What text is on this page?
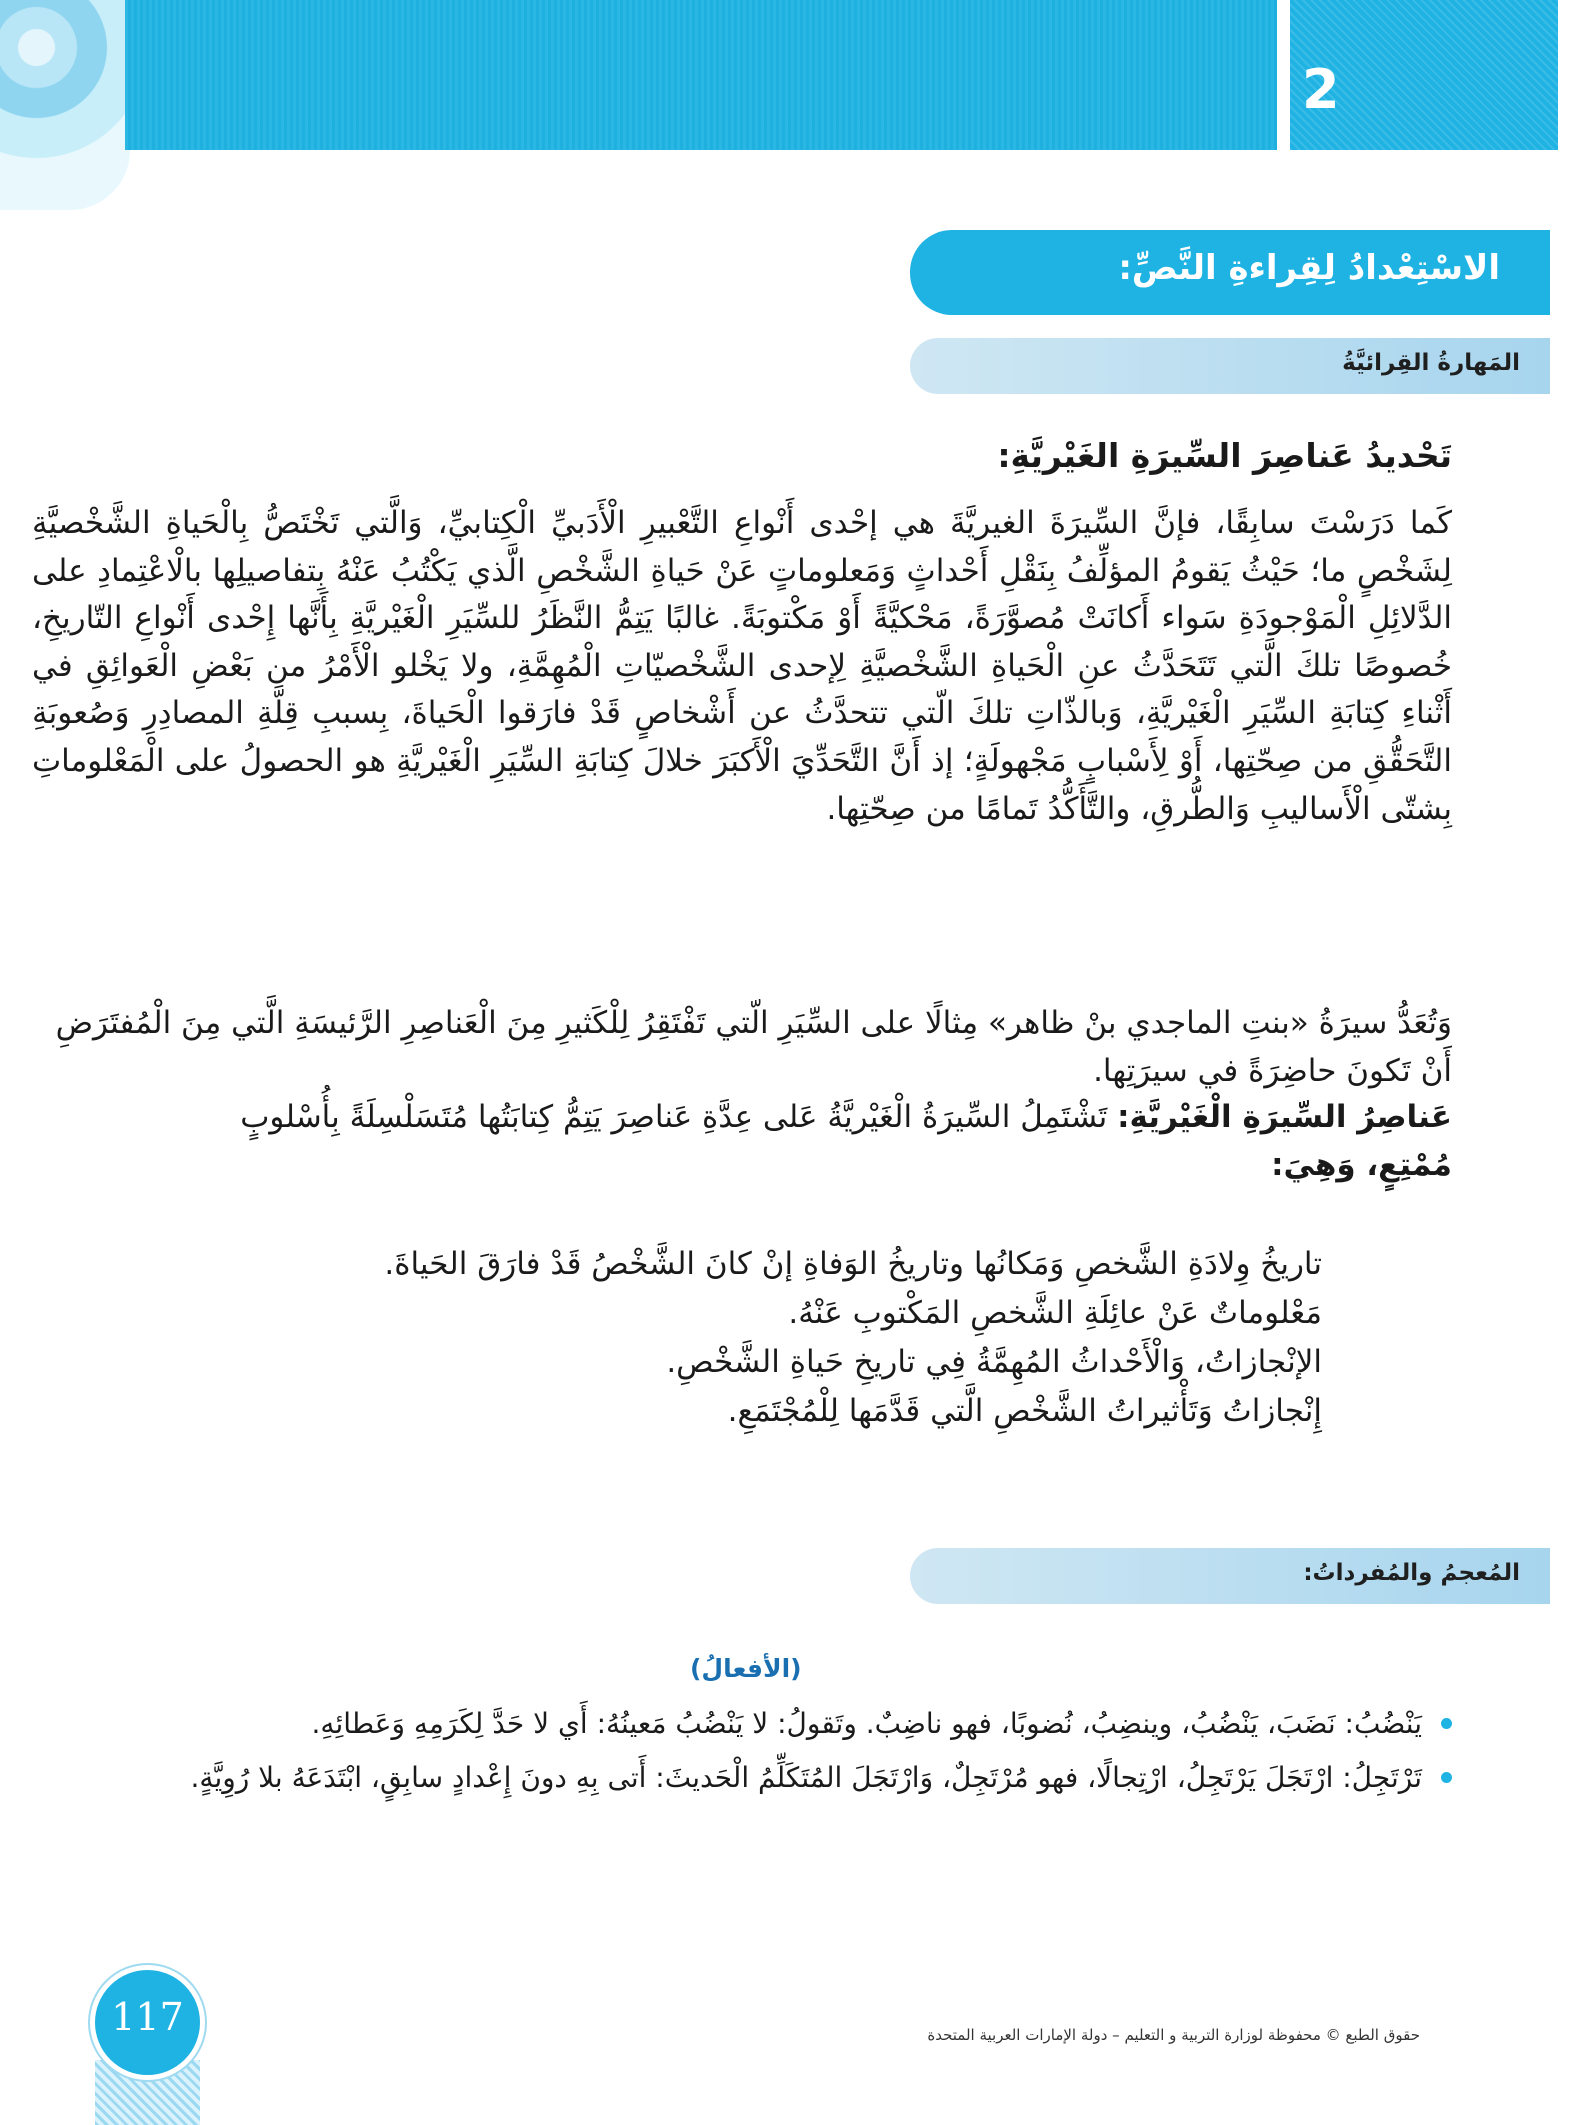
2
الاسْتِعْدادُ لِقِراءةِ النَّصِّ:
المَهارةُ القِرائيَّةُ
تَحْديدُ عَناصِرَ السِّيرَةِ الغَيْريَّةِ:
كَما دَرَسْتَ سابِقًا، فإنَّ السِّيرَةَ الغيريَّةَ هي إحْدى أَنْواعِ التَّعْبيرِ الْأَدَبيِّ الْكِتابيِّ، وَالَّتي تَخْتَصُّ بِالْحَياةِ الشَّخْصيَّةِ لِشَخْصٍ ما؛ حَيْثُ يَقومُ المؤلِّفُ بِنَقْلِ أَحْداثٍ وَمَعلوماتٍ عَنْ حَياةِ الشَّخْصِ الَّذي يَكْتُبُ عَنْهُ بِتفاصيلِها بالْاعْتِمادِ على الدَّلائِلِ الْمَوْجودَةِ سَواء أَكانَتْ مُصوَّرَةً، مَحْكيَّةً أَوْ مَكْتوبَةً. غالبًا يَتِمُّ النَّظَرُ للسِّيَرِ الْغَيْريَّةِ بِأَنَّها إِحْدى أَنْواعِ التّاريخِ، خُصوصًا تلكَ الَّتي تَتَحَدَّثُ عنِ الْحَياةِ الشَّخْصيَّةِ لِإحدى الشَّخْصيّاتِ الْمُهِمَّةِ، ولا يَخْلو الْأَمْرُ من بَعْضِ الْعَوائِقِ في أَثْناءِ كِتابَةِ السِّيَرِ الْغَيْريَّةِ، وَبالذّاتِ تلكَ الّتي تتحدَّثُ عن أَشْخاصٍ قَدْ فارَقوا الْحَياةَ، بِسببِ قِلَّةِ المصادِرِ وَصُعوبَةِ التَّحَقُّقِ من صِحّتِها، أَوْ لِأَسْبابٍ مَجْهولَةٍ؛ إذ أَنَّ التَّحَدِّيَ الْأَكبَرَ خلالَ كِتابَةِ السِّيَرِ الْغَيْريَّةِ هو الحصولُ على الْمَعْلوماتِ بِشتّى الْأَساليبِ وَالطُّرقِ، والتَّأَكُّدُ تَمامًا من صِحّتِها.
وَتُعَدُّ سيرَةُ «بنتِ الماجدي بنْ ظاهر» مِثالًا على السِّيَرِ الّتي تَفْتَقِرُ لِلْكَثيرِ مِنَ الْعَناصِرِ الرَّئيسَةِ الَّتي مِنَ الْمُفتَرَضِ أَنْ تَكونَ حاضِرَةً في سيرَتِها.
عَناصِرُ السِّيرَةِ الْغَيْريَّةِ: تَشْتَمِلُ السِّيرَةُ الْغَيْريَّةُ عَلى عِدَّةِ عَناصِرَ يَتِمُّ كِتابَتُها مُتَسَلْسِلَةً بِأُسْلوبٍ
مُمْتِعٍ، وَهِيَ:
تاريخُ وِلادَةِ الشَّخصِ وَمَكانُها وتاريخُ الوَفاةِ إنْ كانَ الشَّخْصُ قَدْ فارَقَ الحَياةَ.
مَعْلوماتٌ عَنْ عائِلَةِ الشَّخصِ المَكْتوبِ عَنْهُ.
الإنْجازاتُ، وَالْأَحْداثُ المُهِمَّةُ فِي تاريخِ حَياةِ الشَّخْصِ.
إِنْجازاتُ وَتَأْثيراتُ الشَّخْصِ الَّتي قَدَّمَها لِلْمُجْتَمَعِ.
المُعجمُ والمُفرداتُ:
(الأفعالُ)
يَنْضُبُ: نَضَبَ، يَنْضُبُ، وينضِبُ، نُضوبًا، فهو ناضِبٌ. وتَقولُ: لا يَنْضُبُ مَعينُهُ: أَي لا حَدَّ لِكَرَمِهِ وَعَطائِهِ.
تَرْتَجِلُ: ارْتَجَلَ يَرْتَجِلُ، ارْتِجالًا، فهو مُرْتَجِلٌ، وَارْتَجَلَ المُتَكَلِّمُ الْحَديثَ: أَتى بِهِ دونَ إِعْدادٍ سابِقٍ، ابْتَدَعَهُ بلا رُوِيَّةٍ.
117	حقوق الطبع © محفوظة لوزارة التربية و التعليم – دولة الإمارات العربية المتحدة
